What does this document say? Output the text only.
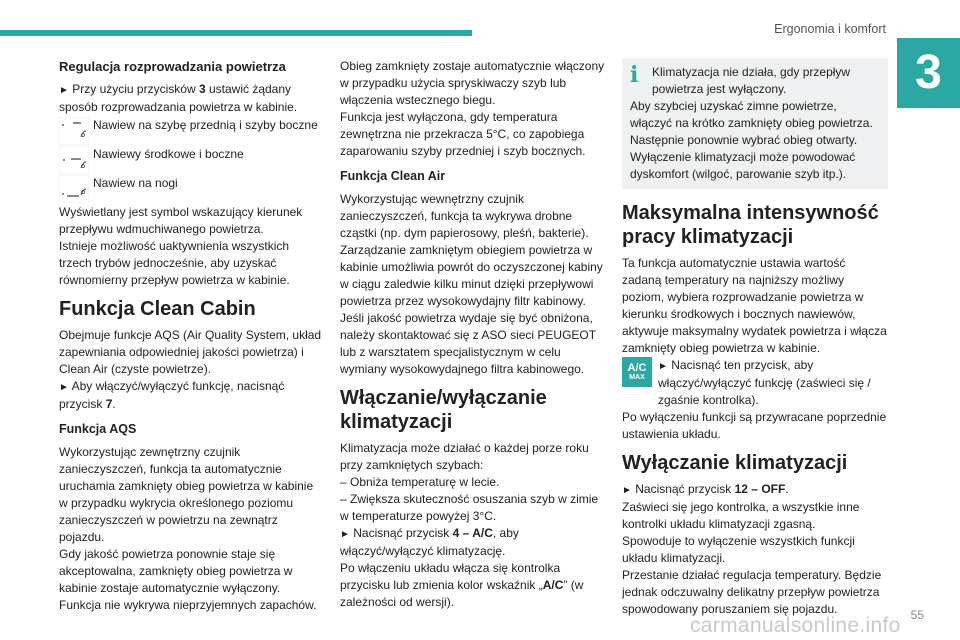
Ergonomia i komfort
3

Regulacja rozprowadzania powietrza

► Przy użyciu przycisków 3 ustawić żądany sposób rozprowadzania powietrza w kabinie.

Nawiew na szybę przednią i szyby boczne
Nawiewy środkowe i boczne
Nawiew na nogi

Wyświetlany jest symbol wskazujący kierunek przepływu wdmuchiwanego powietrza.

Istnieje możliwość uaktywnienia wszystkich trzech trybów jednocześnie, aby uzyskać równomierny przepływ powietrza w kabinie.

Funkcja Clean Cabin

Obejmuje funkcje AQS (Air Quality System, układ zapewniania odpowiedniej jakości powietrza) i Clean Air (czyste powietrze).

► Aby włączyć/wyłączyć funkcję, nacisnąć przycisk 7.

Funkcja AQS

Wykorzystując zewnętrzny czujnik zanieczyszczeń, funkcja ta automatycznie uruchamia zamknięty obieg powietrza w kabinie w przypadku wykrycia określonego poziomu zanieczyszczeń w powietrzu na zewnątrz pojazdu.

Gdy jakość powietrza ponownie staje się akceptowalna, zamknięty obieg powietrza w kabinie zostaje automatycznie wyłączony.

Funkcja nie wykrywa nieprzyjemnych zapachów.

Obieg zamknięty zostaje automatycznie włączony w przypadku użycia spryskiwaczy szyb lub włączenia wstecznego biegu.

Funkcja jest wyłączona, gdy temperatura zewnętrzna nie przekracza 5°C, co zapobiega zaparowaniu szyby przedniej i szyb bocznych.

Funkcja Clean Air

Wykorzystując wewnętrzny czujnik zanieczyszczeń, funkcja ta wykrywa drobne cząstki (np. dym papierosowy, pleśń, bakterie).

Zarządzanie zamkniętym obiegiem powietrza w kabinie umożliwia powrót do oczyszczonej kabiny w ciągu zaledwie kilku minut dzięki przepływowi powietrza przez wysokowydajny filtr kabinowy.

Jeśli jakość powietrza wydaje się być obniżona, należy skontaktować się z ASO sieci PEUGEOT lub z warsztatem specjalistycznym w celu wymiany wysokowydajnego filtra kabinowego.

Włączanie/wyłączanie klimatyzacji

Klimatyzacja może działać o każdej porze roku przy zamkniętych szybach:

– Obniża temperaturę w lecie.

– Zwiększa skuteczność osuszania szyb w zimie w temperaturze powyżej 3°C.

► Nacisnąć przycisk 4 – A/C, aby włączyć/wyłączyć klimatyzację.

Po włączeniu układu włącza się kontrolka przycisku lub zmienia kolor wskaźnik „A/C” (w zależności od wersji).

i	Klimatyzacja nie działa, gdy przepływ powietrza jest wyłączony.

Aby szybciej uzyskać zimne powietrze, włączyć na krótko zamknięty obieg powietrza. Następnie ponownie wybrać obieg otwarty.

Wyłączenie klimatyzacji może powodować dyskomfort (wilgoć, parowanie szyb itp.).

Maksymalna intensywność pracy klimatyzacji

Ta funkcja automatycznie ustawia wartość zadaną temperatury na najniższy możliwy poziom, wybiera rozprowadzanie powietrza w kierunku środkowych i bocznych nawiewów, aktywuje maksymalny wydatek powietrza i włącza zamknięty obieg powietrza w kabinie.

A/C
MAX

► Nacisnąć ten przycisk, aby włączyć/wyłączyć funkcję (zaświeci się / zgaśnie kontrolka).

Po wyłączeniu funkcji są przywracane poprzednie ustawienia układu.

Wyłączanie klimatyzacji

► Nacisnąć przycisk 12 – OFF.

Zaświeci się jego kontrolka, a wszystkie inne kontrolki układu klimatyzacji zgasną.

Spowoduje to wyłączenie wszystkich funkcji układu klimatyzacji.

Przestanie działać regulacja temperatury. Będzie jednak odczuwalny delikatny przepływ powietrza spowodowany poruszaniem się pojazdu.	55
carmanualsonline.info
